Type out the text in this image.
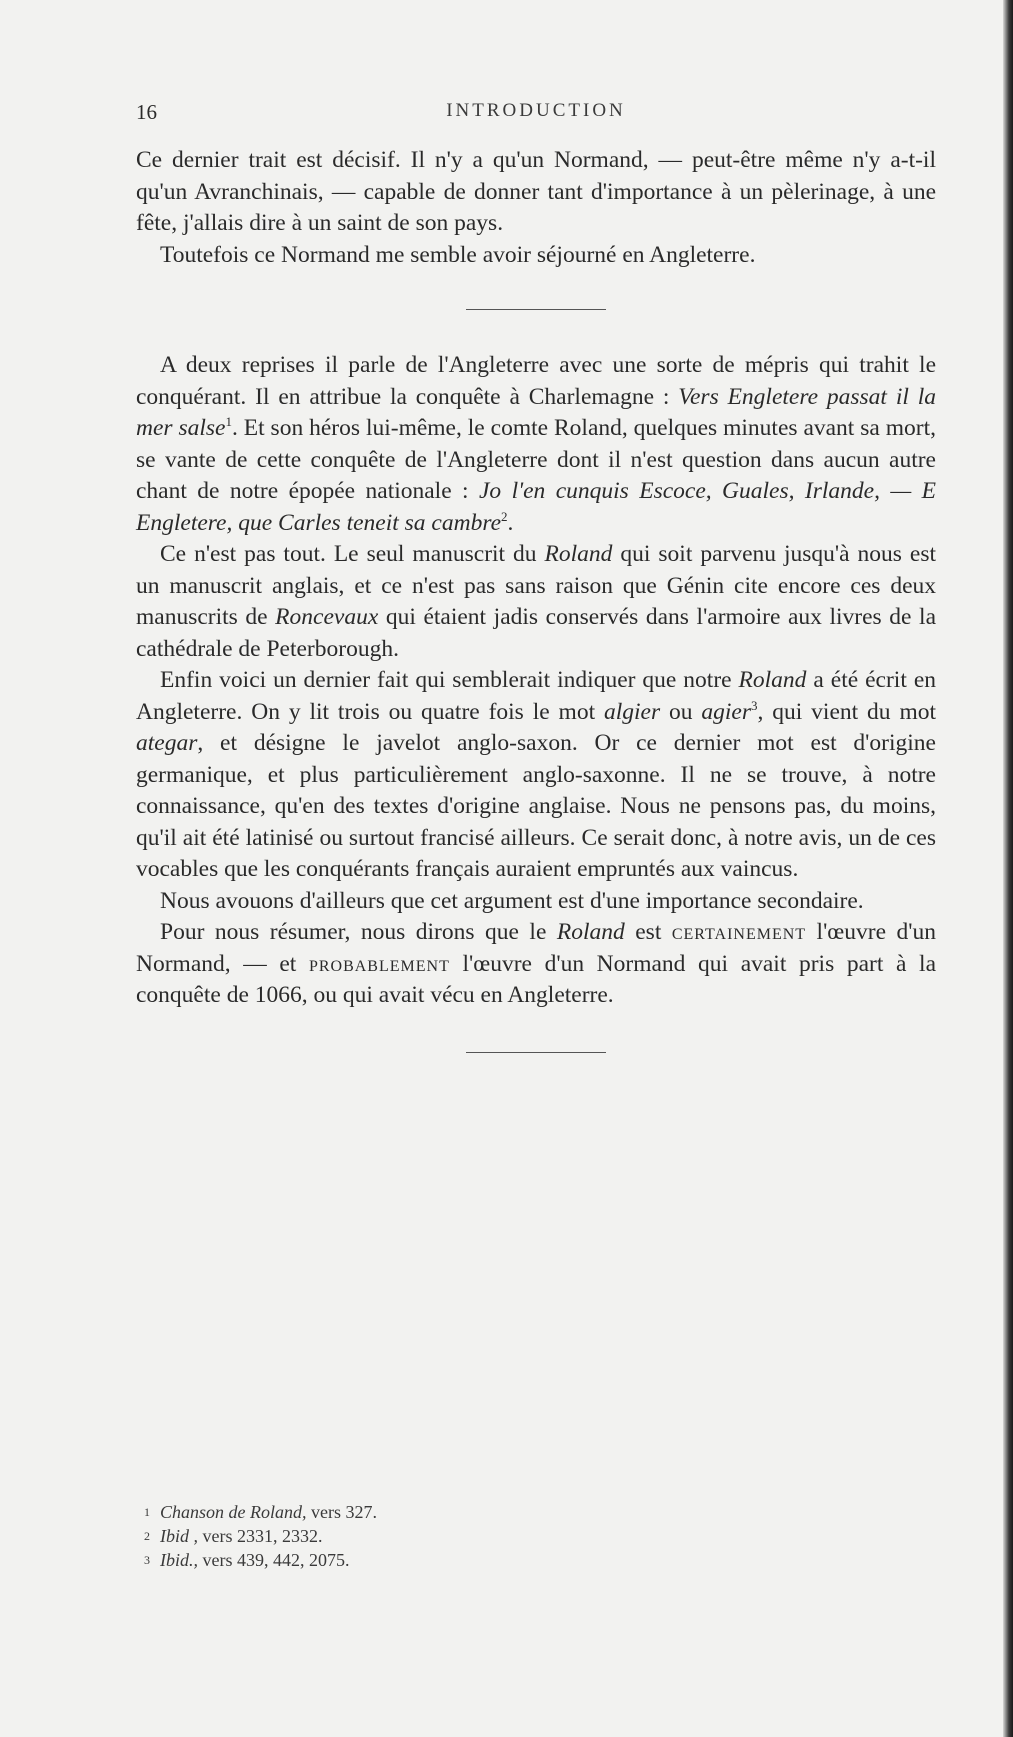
16	INTRODUCTION

Ce dernier trait est décisif. Il n'y a qu'un Normand, — peut-être même n'y a-t-il qu'un Avranchinais, — capable de donner tant d'importance à un pèlerinage, à une fête, j'allais dire à un saint de son pays.

Toutefois ce Normand me semble avoir séjourné en Angleterre.

A deux reprises il parle de l'Angleterre avec une sorte de mépris qui trahit le conquérant. Il en attribue la conquête à Charlemagne : Vers Engletere passat il la mer salse$^1$. Et son héros lui-même, le comte Roland, quelques minutes avant sa mort, se vante de cette conquête de l'Angleterre dont il n'est question dans aucun autre chant de notre épopée nationale : Jo l'en cunquis Escoce, Guales, Irlande, — E Engletere, que Carles teneit sa cambre$^2$.

Ce n'est pas tout. Le seul manuscrit du Roland qui soit parvenu jusqu'à nous est un manuscrit anglais, et ce n'est pas sans raison que Génin cite encore ces deux manuscrits de Roncevaux qui étaient jadis conservés dans l'armoire aux livres de la cathédrale de Peterborough.

Enfin voici un dernier fait qui semblerait indiquer que notre Roland a été écrit en Angleterre. On y lit trois ou quatre fois le mot algier ou agier$^3$, qui vient du mot ategar, et désigne le javelot anglo-saxon. Or ce dernier mot est d'origine germanique, et plus particulièrement anglo-saxonne. Il ne se trouve, à notre connaissance, qu'en des textes d'origine anglaise. Nous ne pensons pas, du moins, qu'il ait été latinisé ou surtout francisé ailleurs. Ce serait donc, à notre avis, un de ces vocables que les conquérants français auraient empruntés aux vaincus.

Nous avouons d'ailleurs que cet argument est d'une importance secondaire.

Pour nous résumer, nous dirons que le Roland est certainement l'œuvre d'un Normand, — et probablement l'œuvre d'un Normand qui avait pris part à la conquête de 1066, ou qui avait vécu en Angleterre.

1 Chanson de Roland, vers 327.

2 Ibid , vers 2331, 2332.

3 Ibid., vers 439, 442, 2075.
